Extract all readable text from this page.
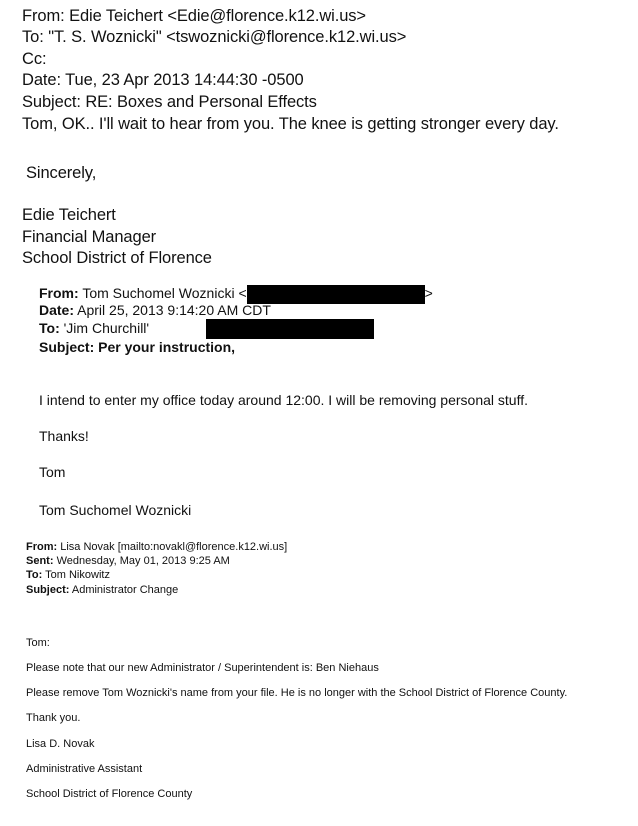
From: Edie Teichert <Edie@florence.k12.wi.us>
To: "T. S. Woznicki" <tswoznicki@florence.k12.wi.us>
Cc:
Date: Tue, 23 Apr 2013 14:44:30 -0500
Subject: RE: Boxes and Personal Effects
Tom, OK.. I'll wait to hear from you. The knee is getting stronger every day.
Sincerely,
Edie Teichert
Financial Manager
School District of Florence
From: Tom Suchomel Woznicki <	>
Date: April 25, 2013 9:14:20 AM CDT
To: 'Jim Churchill'
Subject: Per your instruction,
I intend to enter my office today around 12:00. I will be removing personal stuff.
Thanks!
Tom
Tom Suchomel Woznicki
From: Lisa Novak [mailto:novakl@florence.k12.wi.us]
Sent: Wednesday, May 01, 2013 9:25 AM
To: Tom Nikowitz
Subject: Administrator Change
Tom:
Please note that our new Administrator / Superintendent is: Ben Niehaus
Please remove Tom Woznicki's name from your file. He is no longer with the School District of Florence County.
Thank you.
Lisa D. Novak
Administrative Assistant
School District of Florence County
